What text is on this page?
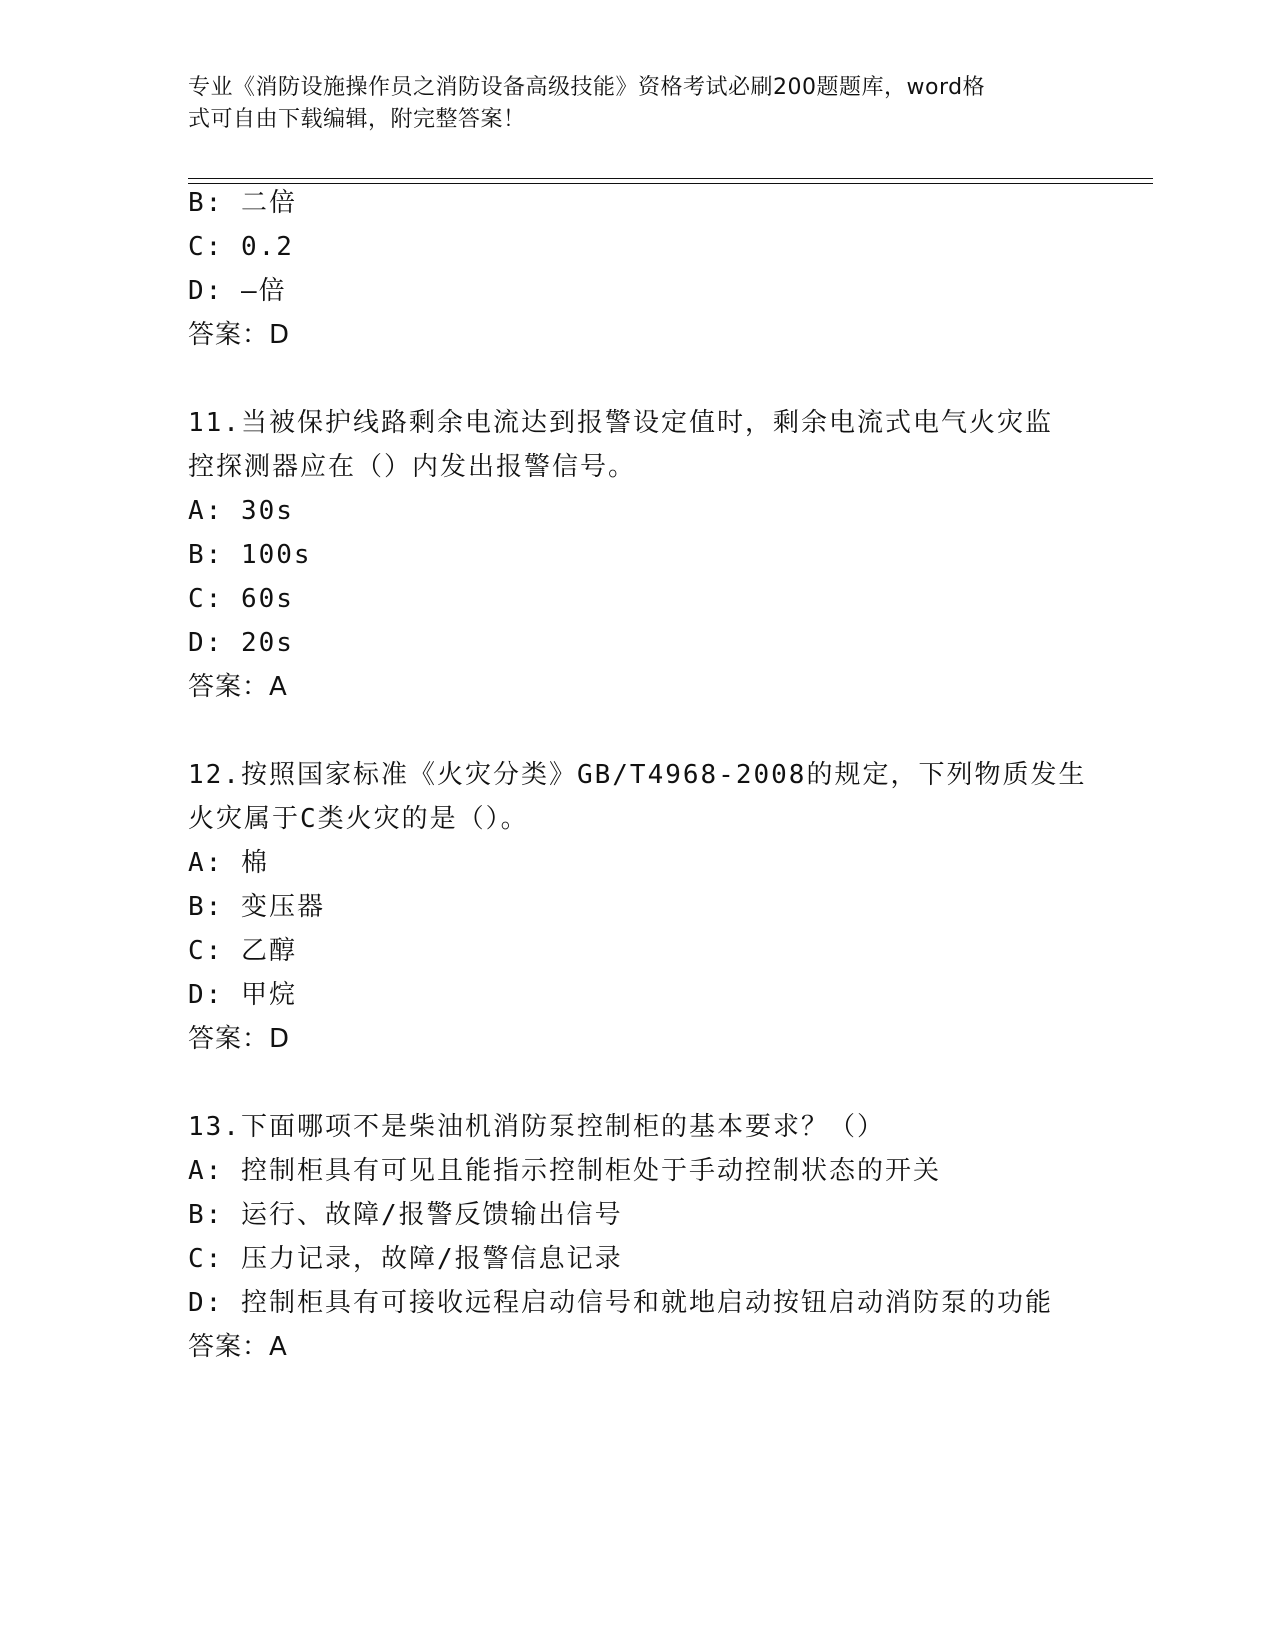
专业《消防设施操作员之消防设备高级技能》资格考试必刷200题题库，word格
式可自由下载编辑，附完整答案！
B: 二倍
C: 0.2
D: —倍
答案：D
11.当被保护线路剩余电流达到报警设定值时，剩余电流式电气火灾监
控探测器应在（）内发出报警信号。
A: 30s
B: 100s
C: 60s
D: 20s
答案：A
12.按照国家标准《火灾分类》GB/T4968-2008的规定，下列物质发生
火灾属于C类火灾的是（）。
A: 棉
B: 变压器
C: 乙醇
D: 甲烷
答案：D
13.下面哪项不是柴油机消防泵控制柜的基本要求？（）
A: 控制柜具有可见且能指示控制柜处于手动控制状态的开关
B: 运行、故障/报警反馈输出信号
C: 压力记录，故障/报警信息记录
D: 控制柜具有可接收远程启动信号和就地启动按钮启动消防泵的功能
答案：A
